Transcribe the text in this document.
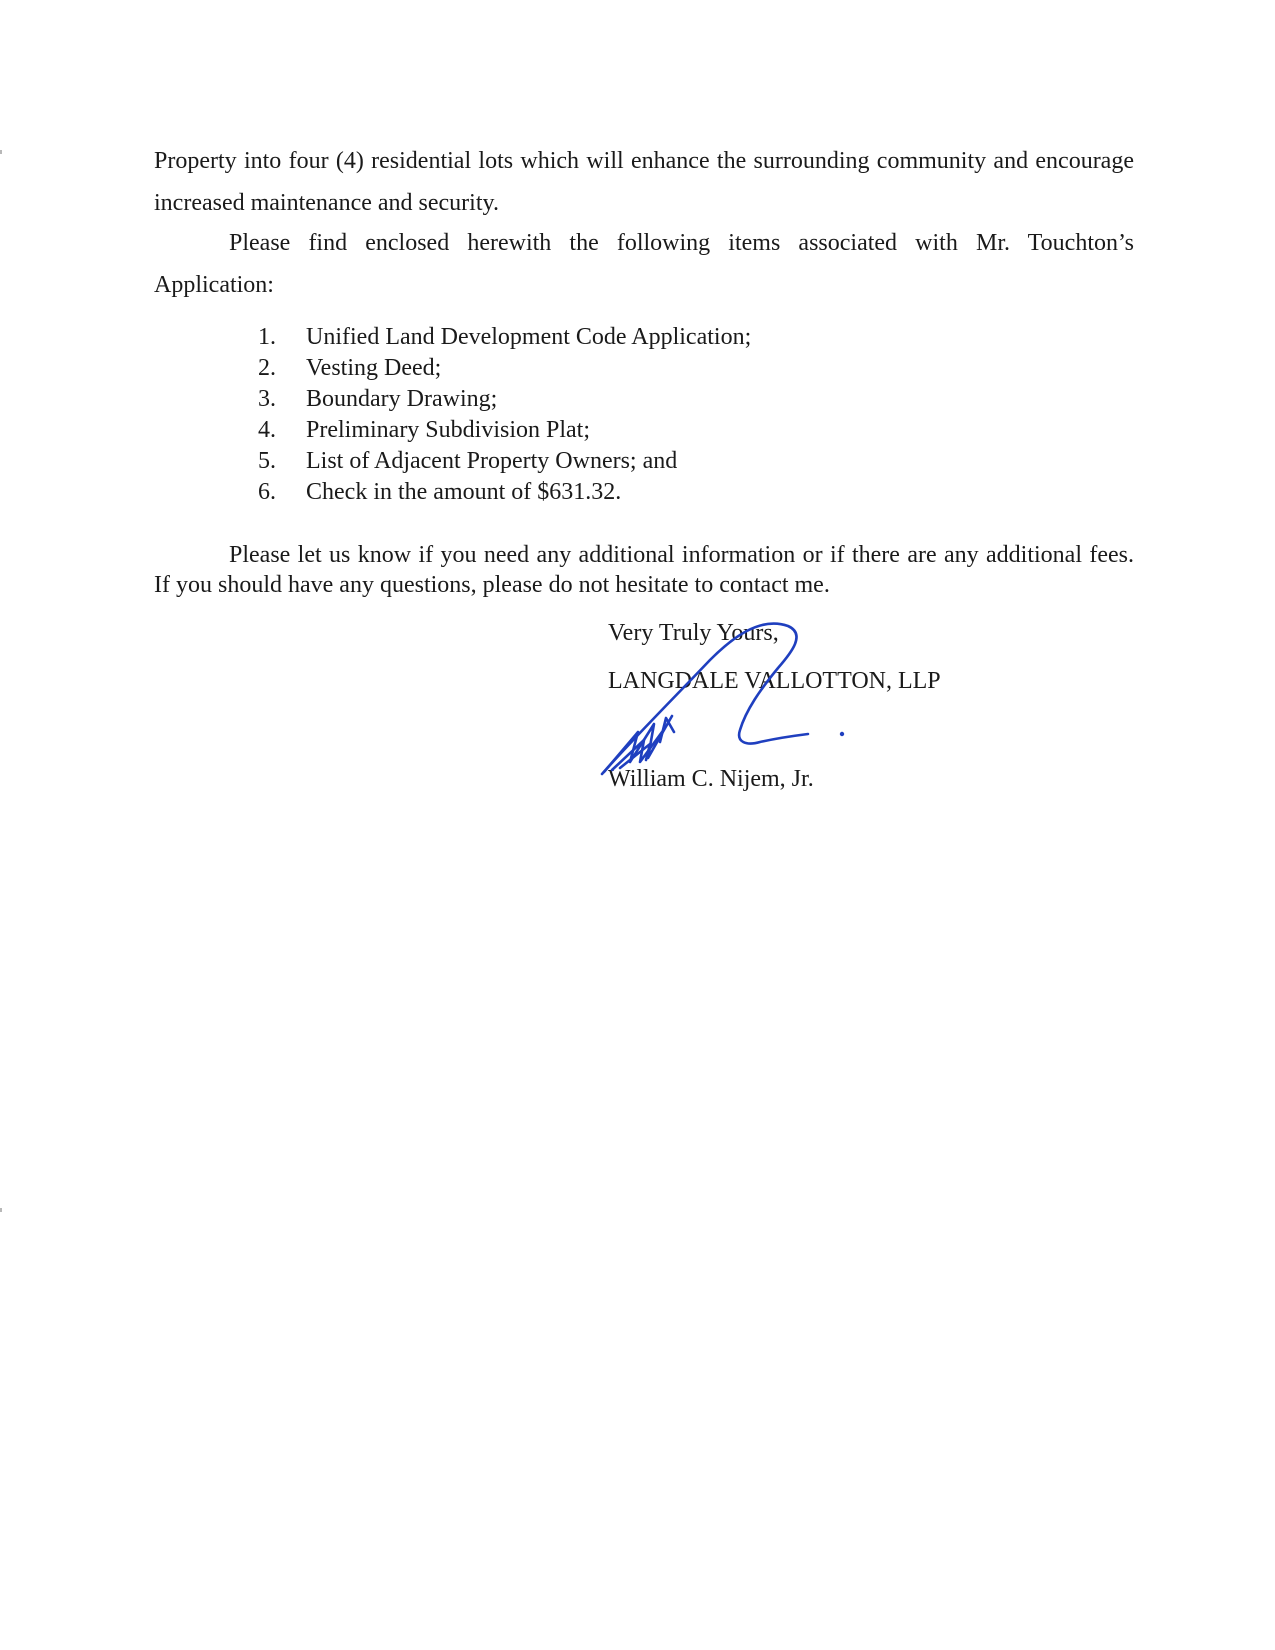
Property into four (4) residential lots which will enhance the surrounding community and encourage increased maintenance and security.

Please find enclosed herewith the following items associated with Mr. Touchton’s Application:

1.	Unified Land Development Code Application;
2.	Vesting Deed;
3.	Boundary Drawing;
4.	Preliminary Subdivision Plat;
5.	List of Adjacent Property Owners; and
6.	Check in the amount of $631.32.

Please let us know if you need any additional information or if there are any additional fees. If you should have any questions, please do not hesitate to contact me.

Very Truly Yours,
LANGDALE VALLOTTON, LLP
William C. Nijem, Jr.
